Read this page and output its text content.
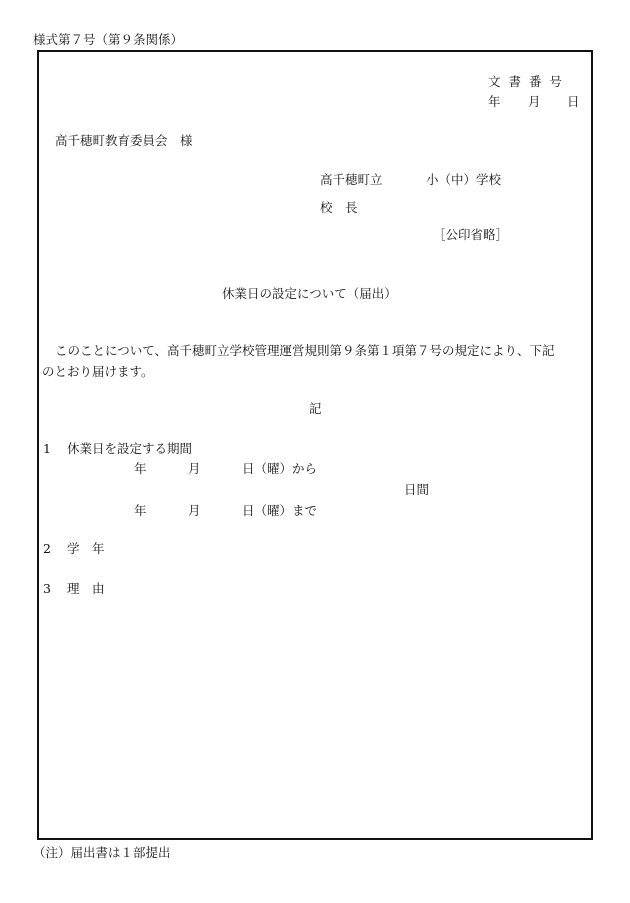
様式第７号（第９条関係）
文 書 番 号
年 月 日
高千穂町教育委員会　様
高千穂町立	小（中）学校
校　長
［公印省略］
休業日の設定について（届出）
このことについて、高千穂町立学校管理運営規則第９条第１項第７号の規定により、下記
のとおり届けます。
記
1 休業日を設定する期間
年	月	日（曜）から
日間
年	月	日（曜）まで
2 学　年
3 理　由
（注）届出書は１部提出
